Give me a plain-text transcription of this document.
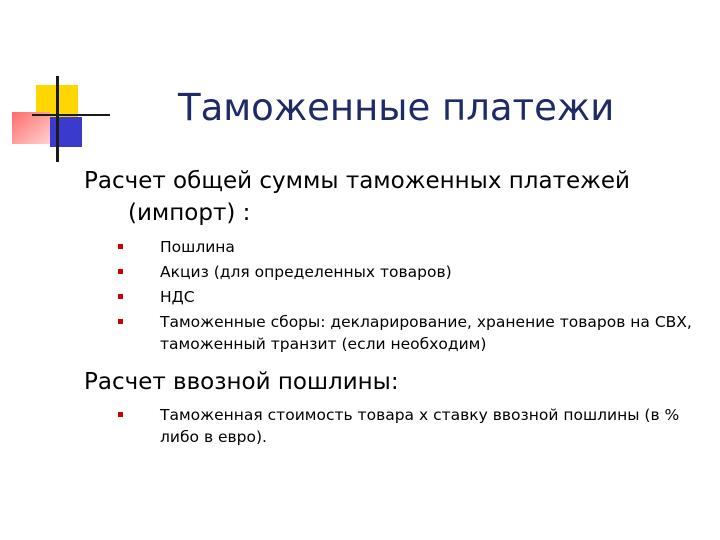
Таможенные платежи
Расчет общей суммы таможенных платежей
(импорт) :
Пошлина
Акциз (для определенных товаров)
НДС
Таможенные сборы: декларирование, хранение товаров на СВХ, таможенный транзит (если необходим)
Расчет ввозной пошлины:
Таможенная стоимость товара х ставку ввозной пошлины (в % либо в евро).
